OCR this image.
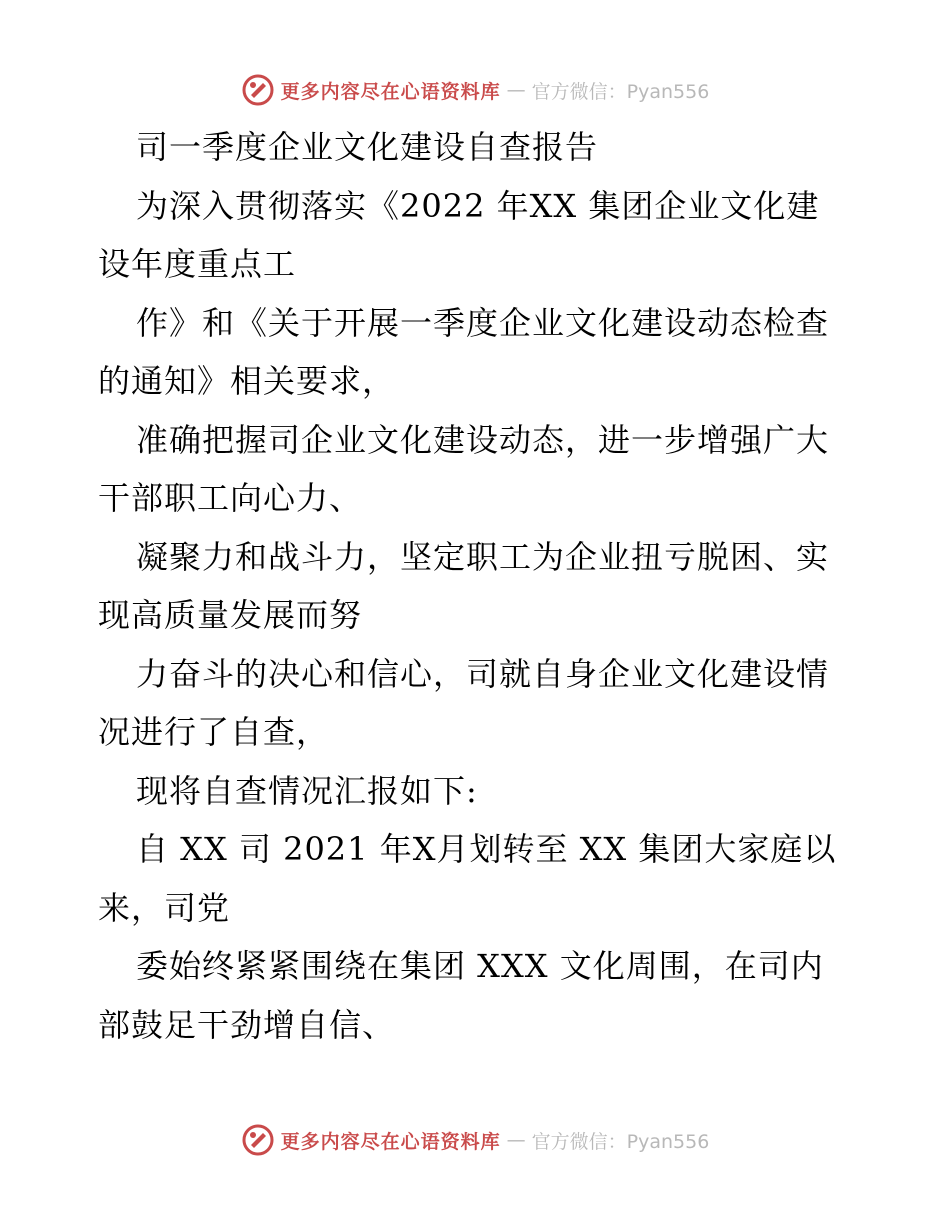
更多内容尽在心语资料库 — 官方微信：Pyan556
司一季度企业文化建设自查报告
为深入贯彻落实《2022 年XX 集团企业文化建
设年度重点工
作》和《关于开展一季度企业文化建设动态检查
的通知》相关要求，
准确把握司企业文化建设动态，进一步增强广大
干部职工向心力、
凝聚力和战斗力，坚定职工为企业扭亏脱困、实
现高质量发展而努
力奋斗的决心和信心，司就自身企业文化建设情
况进行了自查，
现将自查情况汇报如下:
自 XX 司 2021 年X月划转至 XX 集团大家庭以
来，司党
委始终紧紧围绕在集团 XXX 文化周围，在司内
部鼓足干劲增自信、
更多内容尽在心语资料库 — 官方微信：Pyan556
